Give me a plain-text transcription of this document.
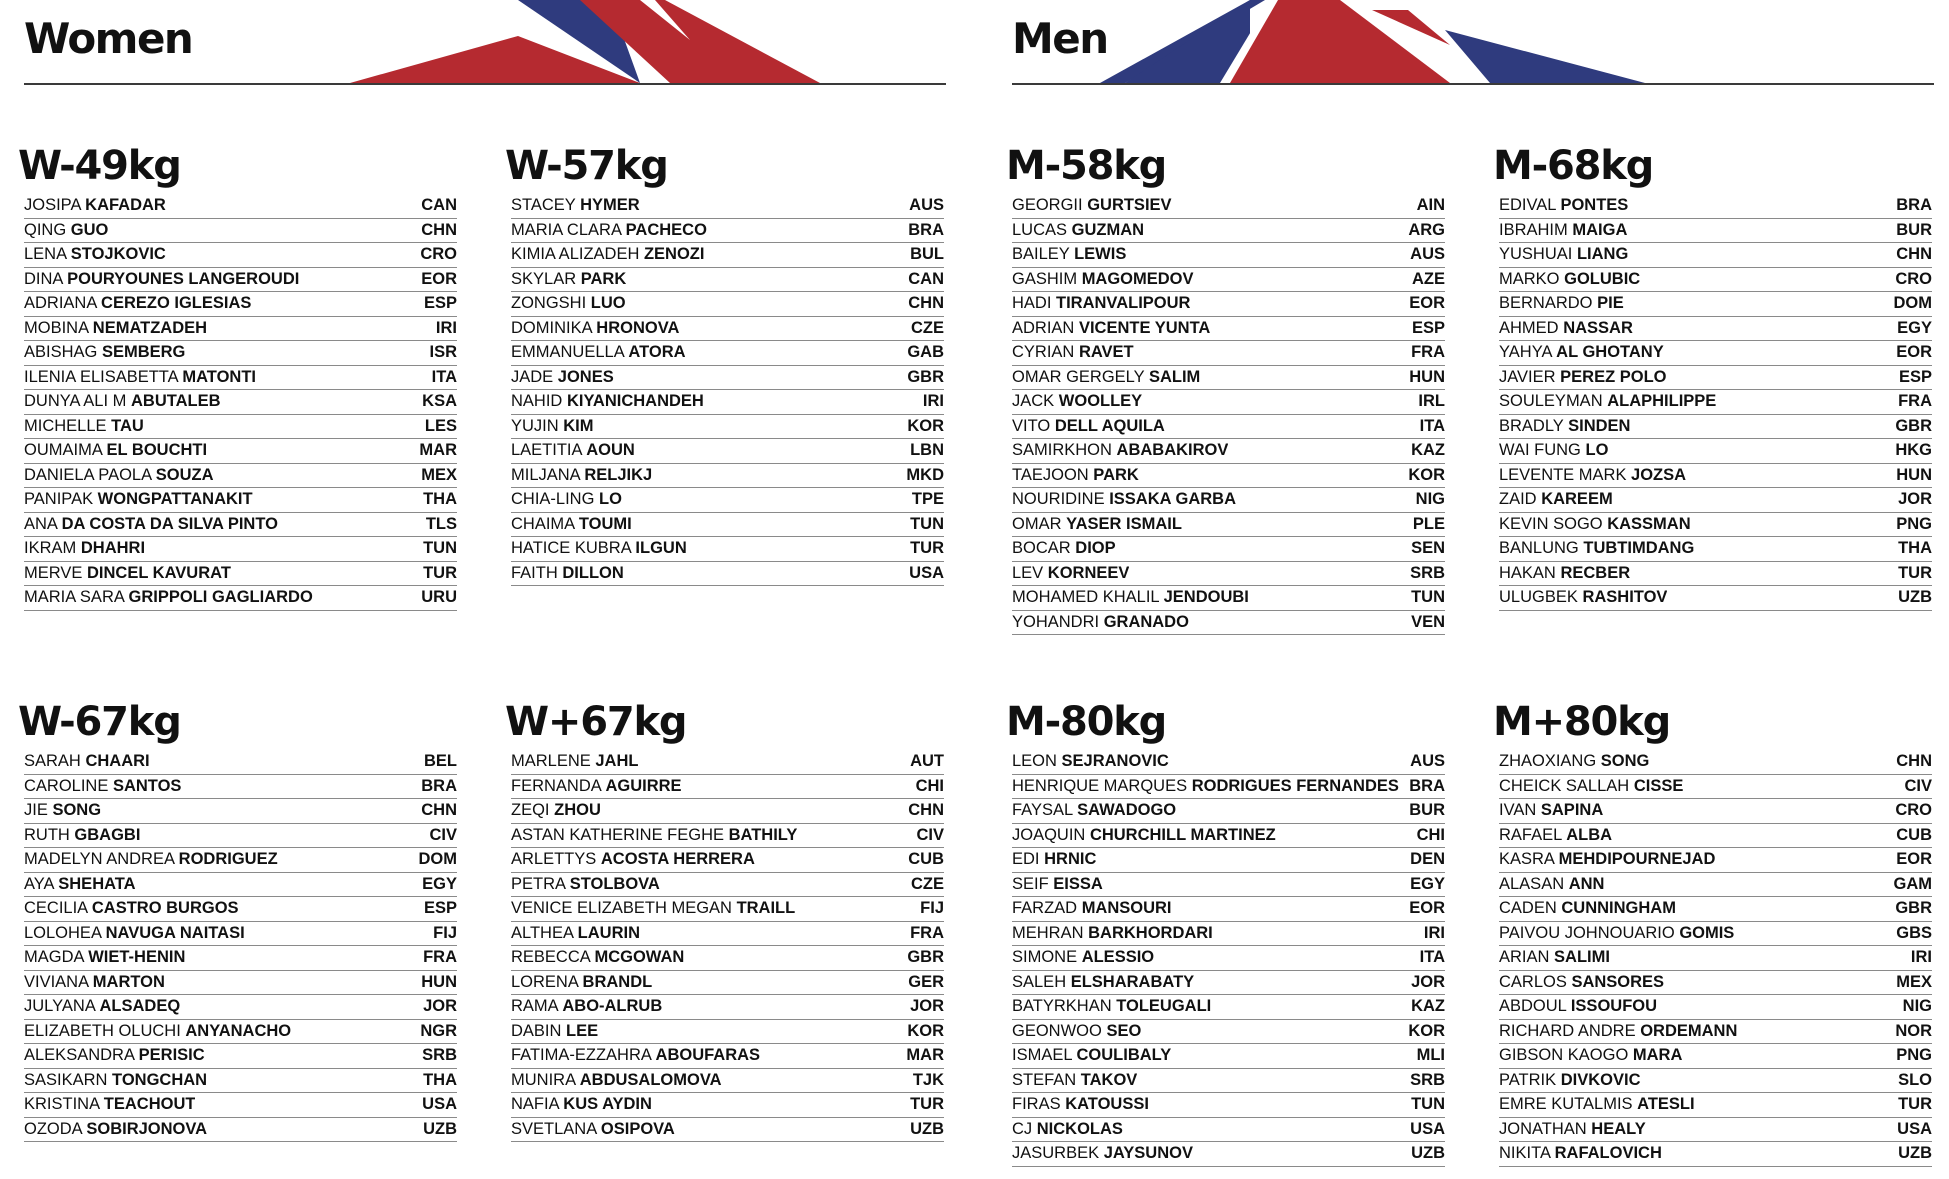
Women	Men
W-49kg
JOSIPA KAFADAR	CAN
QING GUO	CHN
LENA STOJKOVIC	CRO
DINA POURYOUNES LANGEROUDI	EOR
ADRIANA CEREZO IGLESIAS	ESP
MOBINA NEMATZADEH	IRI
ABISHAG SEMBERG	ISR
ILENIA ELISABETTA MATONTI	ITA
DUNYA ALI M ABUTALEB	KSA
MICHELLE TAU	LES
OUMAIMA EL BOUCHTI	MAR
DANIELA PAOLA SOUZA	MEX
PANIPAK WONGPATTANAKIT	THA
ANA DA COSTA DA SILVA PINTO	TLS
IKRAM DHAHRI	TUN
MERVE DINCEL KAVURAT	TUR
MARIA SARA GRIPPOLI GAGLIARDO	URU
W-57kg
STACEY HYMER	AUS
MARIA CLARA PACHECO	BRA
KIMIA ALIZADEH ZENOZI	BUL
SKYLAR PARK	CAN
ZONGSHI LUO	CHN
DOMINIKA HRONOVA	CZE
EMMANUELLA ATORA	GAB
JADE JONES	GBR
NAHID KIYANICHANDEH	IRI
YUJIN KIM	KOR
LAETITIA AOUN	LBN
MILJANA RELJIKJ	MKD
CHIA-LING LO	TPE
CHAIMA TOUMI	TUN
HATICE KUBRA ILGUN	TUR
FAITH DILLON	USA
M-58kg
GEORGII GURTSIEV	AIN
LUCAS GUZMAN	ARG
BAILEY LEWIS	AUS
GASHIM MAGOMEDOV	AZE
HADI TIRANVALIPOUR	EOR
ADRIAN VICENTE YUNTA	ESP
CYRIAN RAVET	FRA
OMAR GERGELY SALIM	HUN
JACK WOOLLEY	IRL
VITO DELL AQUILA	ITA
SAMIRKHON ABABAKIROV	KAZ
TAEJOON PARK	KOR
NOURIDINE ISSAKA GARBA	NIG
OMAR YASER ISMAIL	PLE
BOCAR DIOP	SEN
LEV KORNEEV	SRB
MOHAMED KHALIL JENDOUBI	TUN
YOHANDRI GRANADO	VEN
M-68kg
EDIVAL PONTES	BRA
IBRAHIM MAIGA	BUR
YUSHUAI LIANG	CHN
MARKO GOLUBIC	CRO
BERNARDO PIE	DOM
AHMED NASSAR	EGY
YAHYA AL GHOTANY	EOR
JAVIER PEREZ POLO	ESP
SOULEYMAN ALAPHILIPPE	FRA
BRADLY SINDEN	GBR
WAI FUNG LO	HKG
LEVENTE MARK JOZSA	HUN
ZAID KAREEM	JOR
KEVIN SOGO KASSMAN	PNG
BANLUNG TUBTIMDANG	THA
HAKAN RECBER	TUR
ULUGBEK RASHITOV	UZB
W-67kg
SARAH CHAARI	BEL
CAROLINE SANTOS	BRA
JIE SONG	CHN
RUTH GBAGBI	CIV
MADELYN ANDREA RODRIGUEZ	DOM
AYA SHEHATA	EGY
CECILIA CASTRO BURGOS	ESP
LOLOHEA NAVUGA NAITASI	FIJ
MAGDA WIET-HENIN	FRA
VIVIANA MARTON	HUN
JULYANA ALSADEQ	JOR
ELIZABETH OLUCHI ANYANACHO	NGR
ALEKSANDRA PERISIC	SRB
SASIKARN TONGCHAN	THA
KRISTINA TEACHOUT	USA
OZODA SOBIRJONOVA	UZB
W+67kg
MARLENE JAHL	AUT
FERNANDA AGUIRRE	CHI
ZEQI ZHOU	CHN
ASTAN KATHERINE FEGHE BATHILY	CIV
ARLETTYS ACOSTA HERRERA	CUB
PETRA STOLBOVA	CZE
VENICE ELIZABETH MEGAN TRAILL	FIJ
ALTHEA LAURIN	FRA
REBECCA MCGOWAN	GBR
LORENA BRANDL	GER
RAMA ABO-ALRUB	JOR
DABIN LEE	KOR
FATIMA-EZZAHRA ABOUFARAS	MAR
MUNIRA ABDUSALOMOVA	TJK
NAFIA KUS AYDIN	TUR
SVETLANA OSIPOVA	UZB
M-80kg
LEON SEJRANOVIC	AUS
HENRIQUE MARQUES RODRIGUES FERNANDES BRA
FAYSAL SAWADOGO	BUR
JOAQUIN CHURCHILL MARTINEZ	CHI
EDI HRNIC	DEN
SEIF EISSA	EGY
FARZAD MANSOURI	EOR
MEHRAN BARKHORDARI	IRI
SIMONE ALESSIO	ITA
SALEH ELSHARABATY	JOR
BATYRKHAN TOLEUGALI	KAZ
GEONWOO SEO	KOR
ISMAEL COULIBALY	MLI
STEFAN TAKOV	SRB
FIRAS KATOUSSI	TUN
CJ NICKOLAS	USA
JASURBEK JAYSUNOV	UZB
M+80kg
ZHAOXIANG SONG	CHN
CHEICK SALLAH CISSE	CIV
IVAN SAPINA	CRO
RAFAEL ALBA	CUB
KASRA MEHDIPOURNEJAD	EOR
ALASAN ANN	GAM
CADEN CUNNINGHAM	GBR
PAIVOU JOHNOUARIO GOMIS	GBS
ARIAN SALIMI	IRI
CARLOS SANSORES	MEX
ABDOUL ISSOUFOU	NIG
RICHARD ANDRE ORDEMANN	NOR
GIBSON KAOGO MARA	PNG
PATRIK DIVKOVIC	SLO
EMRE KUTALMIS ATESLI	TUR
JONATHAN HEALY	USA
NIKITA RAFALOVICH	UZB
